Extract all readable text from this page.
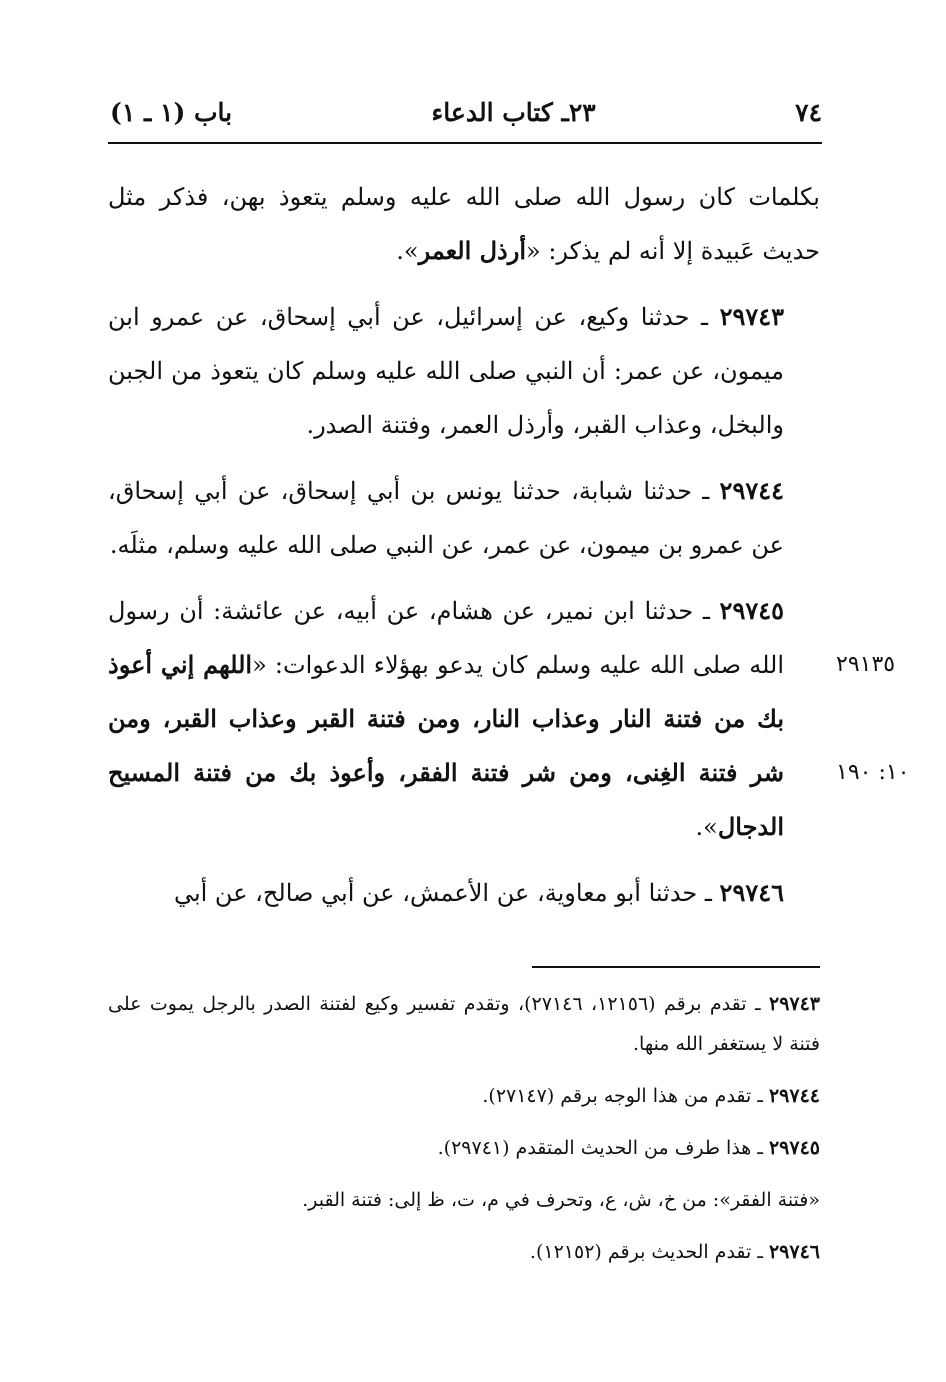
٧٤
٢٣ـ كتاب الدعاء
باب (١ ـ ١)

بكلمات كان رسول الله صلى الله عليه وسلم يتعوذ بهن، فذكر مثل حديث عَبيدة إلا أنه لم يذكر: «أرذل العمر».

٢٩٧٤٣ ـ حدثنا وكيع، عن إسرائيل، عن أبي إسحاق، عن عمرو ابن ميمون، عن عمر: أن النبي صلى الله عليه وسلم كان يتعوذ من الجبن والبخل، وعذاب القبر، وأرذل العمر، وفتنة الصدر.

٢٩٧٤٤ ـ حدثنا شبابة، حدثنا يونس بن أبي إسحاق، عن أبي إسحاق، عن عمرو بن ميمون، عن عمر، عن النبي صلى الله عليه وسلم، مثلَه.

٢٩٧٤٥ ـ حدثنا ابن نمير، عن هشام، عن أبيه، عن عائشة: أن رسول الله صلى الله عليه وسلم كان يدعو بهؤلاء الدعوات: «اللهم إني أعوذ بك من فتنة النار وعذاب النار، ومن فتنة القبر وعذاب القبر، ومن شر فتنة الغِنى، ومن شر فتنة الفقر، وأعوذ بك من فتنة المسيح الدجال».

٢٩٧٤٦ ـ حدثنا أبو معاوية، عن الأعمش، عن أبي صالح، عن أبي

٢٩١٣٥
١٠: ١٩٠

٢٩٧٤٣ ـ تقدم برقم (١٢١٥٦، ٢٧١٤٦)، وتقدم تفسير وكيع لفتنة الصدر بالرجل يموت على فتنة لا يستغفر الله منها.

٢٩٧٤٤ ـ تقدم من هذا الوجه برقم (٢٧١٤٧).

٢٩٧٤٥ ـ هذا طرف من الحديث المتقدم (٢٩٧٤١).

«فتنة الفقر»: من خ، ش، ع، وتحرف في م، ت، ظ إلى: فتنة القبر.

٢٩٧٤٦ ـ تقدم الحديث برقم (١٢١٥٢).
